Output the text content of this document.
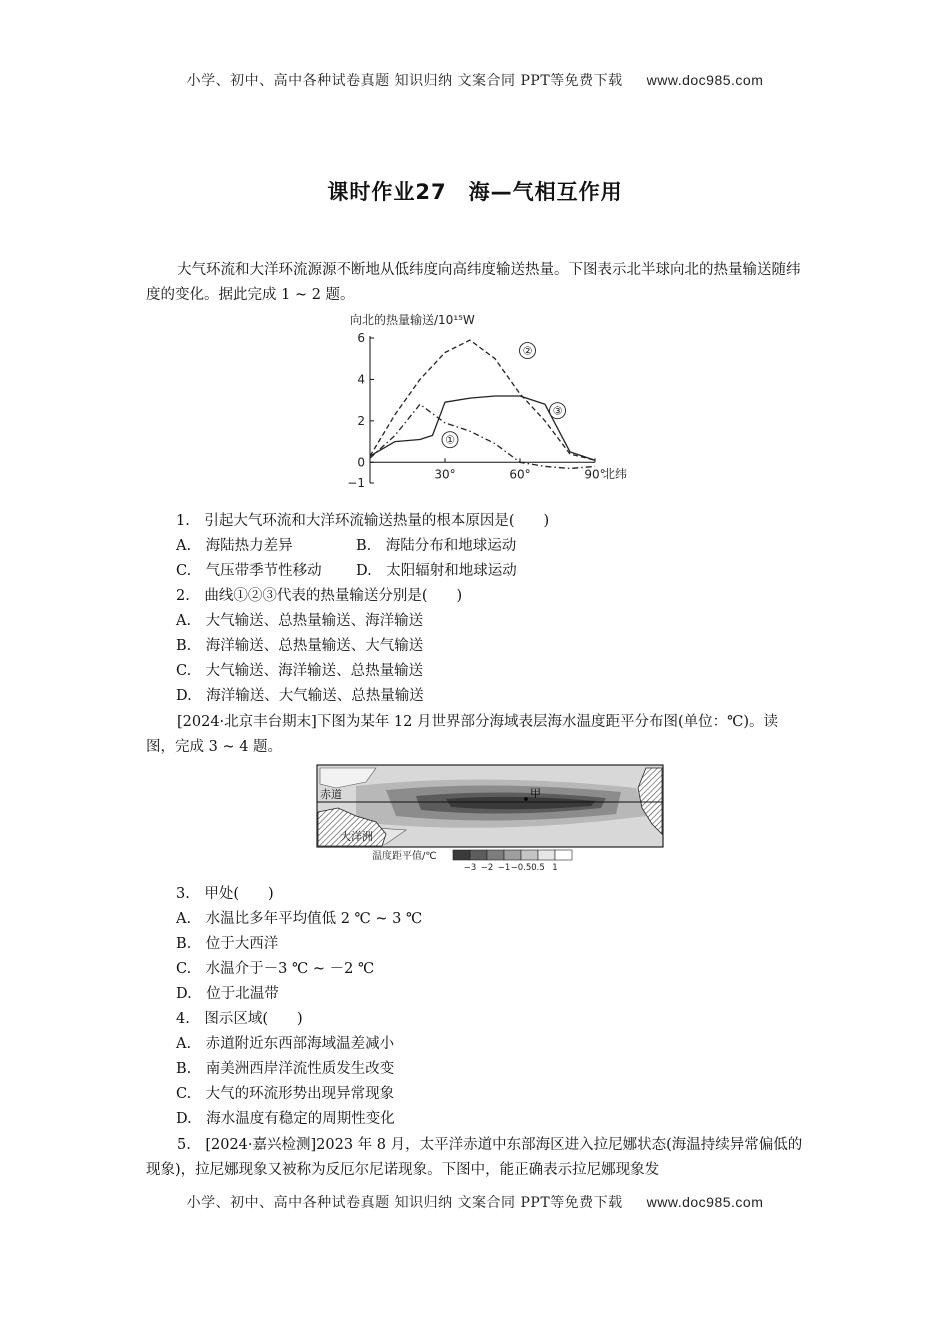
小学、初中、高中各种试卷真题 知识归纳 文案合同 PPT等免费下载 www.doc985.com
课时作业27　海—气相互作用
大气环流和大洋环流源源不断地从低纬度向高纬度输送热量。下图表示北半球向北的热量输送随纬度的变化。据此完成 1 ~ 2 题。
向北的热量输送/10¹⁵W
6
4
2
0
−1
30°	60°	90°
①
②
③
北纬
1.　引起大气环流和大洋环流输送热量的根本原因是(　　)
A.　海陆热力差异	B.　海陆分布和地球运动
C.　气压带季节性移动 D.　太阳辐射和地球运动
2.　曲线①②③代表的热量输送分别是(　　)
A.　大气输送、总热量输送、海洋输送
B.　海洋输送、总热量输送、大气输送
C.　大气输送、海洋输送、总热量输送
D.　海洋输送、大气输送、总热量输送
[2024·北京丰台期末]下图为某年 12 月世界部分海域表层海水温度距平分布图(单位：℃)。读图，完成 3 ~ 4 题。
赤道	甲
大洋洲
温度距平值/℃
−3 −2 −1 −0.5 0.5 1
3.　甲处(　　)
A.　水温比多年平均值低 2 ℃ ~ 3 ℃
B.　位于大西洋
C.　水温介于－3 ℃ ~ －2 ℃
D.　位于北温带
4.　图示区域(　　)
A.　赤道附近东西部海域温差减小
B.　南美洲西岸洋流性质发生改变
C.　大气的环流形势出现异常现象
D.　海水温度有稳定的周期性变化
5.　[2024·嘉兴检测]2023 年 8 月，太平洋赤道中东部海区进入拉尼娜状态(海温持续异常偏低的现象)，拉尼娜现象又被称为反厄尔尼诺现象。下图中，能正确表示拉尼娜现象发
小学、初中、高中各种试卷真题 知识归纳 文案合同 PPT等免费下载 www.doc985.com
